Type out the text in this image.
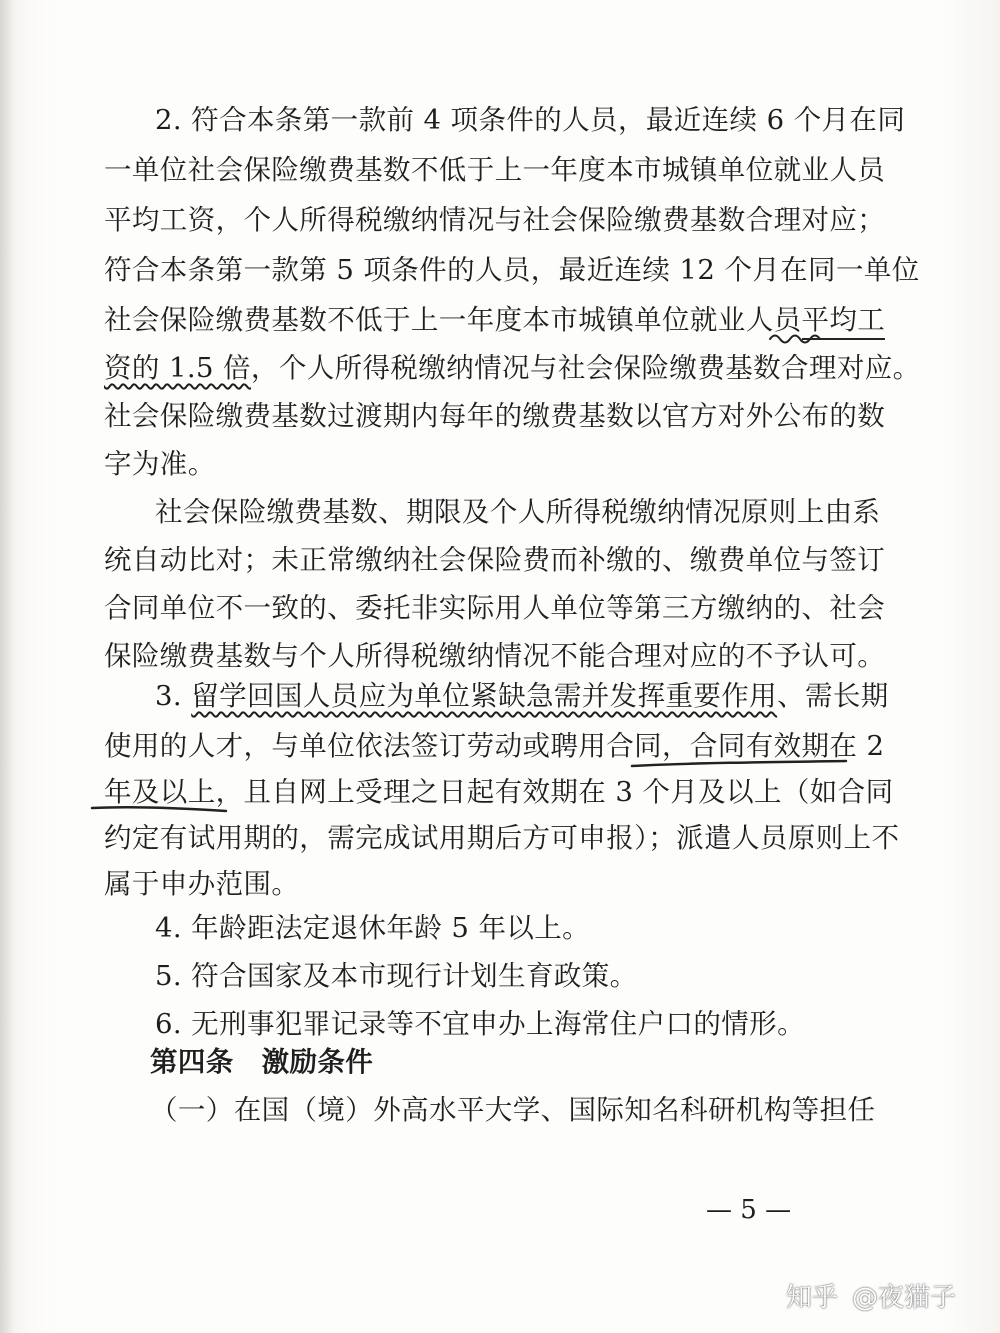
2. 符合本条第一款前 4 项条件的人员，最近连续 6 个月在同
一单位社会保险缴费基数不低于上一年度本市城镇单位就业人员
平均工资，个人所得税缴纳情况与社会保险缴费基数合理对应；
符合本条第一款第 5 项条件的人员，最近连续 12 个月在同一单位
社会保险缴费基数不低于上一年度本市城镇单位就业人员平均工
资的 1.5 倍，个人所得税缴纳情况与社会保险缴费基数合理对应。
社会保险缴费基数过渡期内每年的缴费基数以官方对外公布的数
字为准。
社会保险缴费基数、期限及个人所得税缴纳情况原则上由系
统自动比对；未正常缴纳社会保险费而补缴的、缴费单位与签订
合同单位不一致的、委托非实际用人单位等第三方缴纳的、社会
保险缴费基数与个人所得税缴纳情况不能合理对应的不予认可。
3. 留学回国人员应为单位紧缺急需并发挥重要作用、需长期
使用的人才，与单位依法签订劳动或聘用合同，合同有效期在 2
年及以上，且自网上受理之日起有效期在 3 个月及以上（如合同
约定有试用期的，需完成试用期后方可申报）；派遣人员原则上不
属于申办范围。
4. 年龄距法定退休年龄 5 年以上。
5. 符合国家及本市现行计划生育政策。
6. 无刑事犯罪记录等不宜申办上海常住户口的情形。
第四条　激励条件
（一）在国（境）外高水平大学、国际知名科研机构等担任
— 5 —
知乎 @夜猫子
